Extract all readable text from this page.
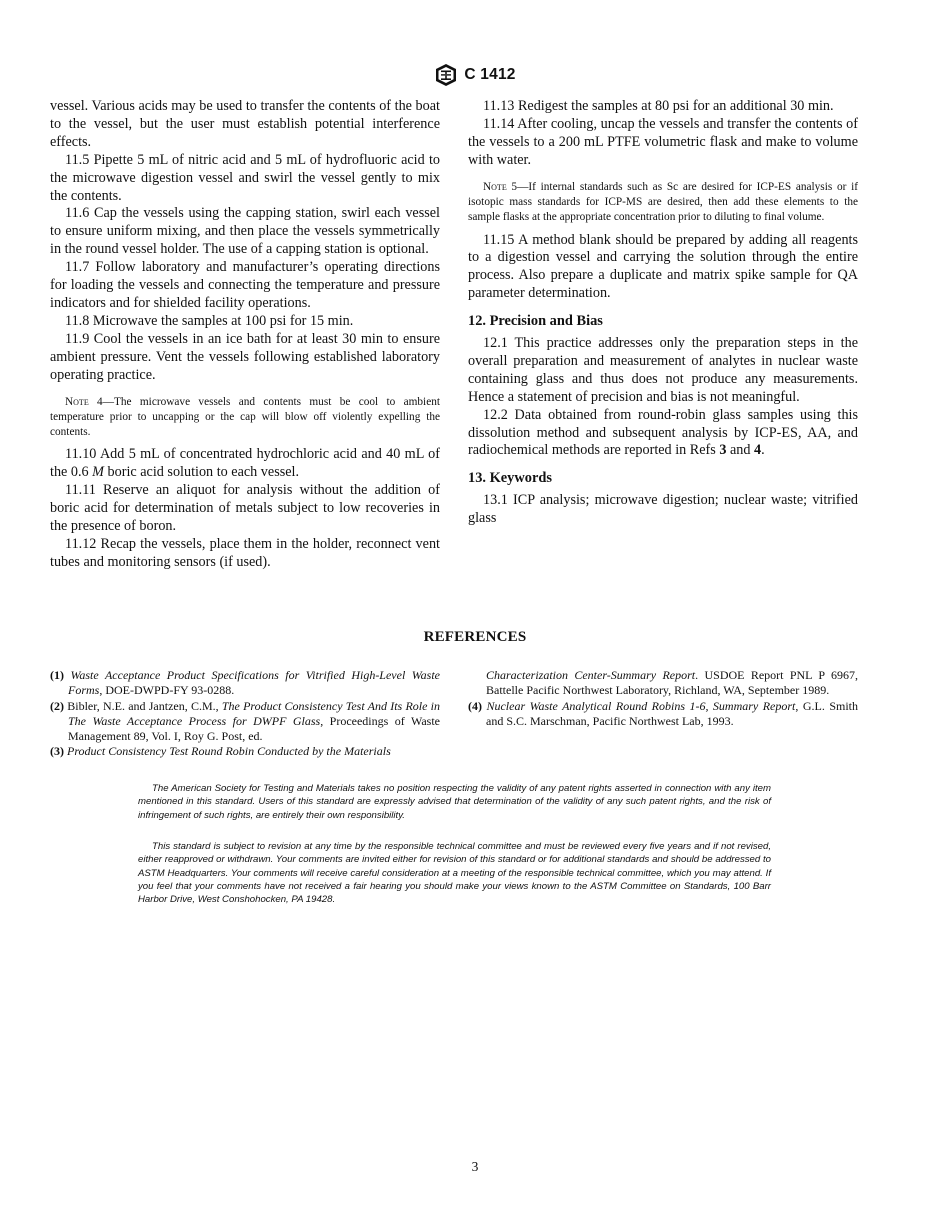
C 1412

vessel. Various acids may be used to transfer the contents of the boat to the vessel, but the user must establish potential interference effects.

11.5 Pipette 5 mL of nitric acid and 5 mL of hydrofluoric acid to the microwave digestion vessel and swirl the vessel gently to mix the contents.

11.6 Cap the vessels using the capping station, swirl each vessel to ensure uniform mixing, and then place the vessels symmetrically in the round vessel holder. The use of a capping station is optional.

11.7 Follow laboratory and manufacturer’s operating directions for loading the vessels and connecting the temperature and pressure indicators and for shielded facility operations.

11.8 Microwave the samples at 100 psi for 15 min.

11.9 Cool the vessels in an ice bath for at least 30 min to ensure ambient pressure. Vent the vessels following established laboratory operating practice.

Note 4—The microwave vessels and contents must be cool to ambient temperature prior to uncapping or the cap will blow off violently expelling the contents.

11.10 Add 5 mL of concentrated hydrochloric acid and 40 mL of the 0.6 M boric acid solution to each vessel.

11.11 Reserve an aliquot for analysis without the addition of boric acid for determination of metals subject to low recoveries in the presence of boron.

11.12 Recap the vessels, place them in the holder, reconnect vent tubes and monitoring sensors (if used).

11.13 Redigest the samples at 80 psi for an additional 30 min.

11.14 After cooling, uncap the vessels and transfer the contents of the vessels to a 200 mL PTFE volumetric flask and make to volume with water.

Note 5—If internal standards such as Sc are desired for ICP-ES analysis or if isotopic mass standards for ICP-MS are desired, then add these elements to the sample flasks at the appropriate concentration prior to diluting to final volume.

11.15 A method blank should be prepared by adding all reagents to a digestion vessel and carrying the solution through the entire process. Also prepare a duplicate and matrix spike sample for QA parameter determination.

12. Precision and Bias

12.1 This practice addresses only the preparation steps in the overall preparation and measurement of analytes in nuclear waste containing glass and thus does not produce any measurements. Hence a statement of precision and bias is not meaningful.

12.2 Data obtained from round-robin glass samples using this dissolution method and subsequent analysis by ICP-ES, AA, and radiochemical methods are reported in Refs 3 and 4.

13. Keywords

13.1 ICP analysis; microwave digestion; nuclear waste; vitrified glass

REFERENCES

(1) Waste Acceptance Product Specifications for Vitrified High-Level Waste Forms, DOE-DWPD-FY 93-0288.

(2) Bibler, N.E. and Jantzen, C.M., The Product Consistency Test And Its Role in The Waste Acceptance Process for DWPF Glass, Proceedings of Waste Management 89, Vol. I, Roy G. Post, ed.

(3) Product Consistency Test Round Robin Conducted by the Materials

Characterization Center-Summary Report. USDOE Report PNL P 6967, Battelle Pacific Northwest Laboratory, Richland, WA, September 1989.

(4) Nuclear Waste Analytical Round Robins 1-6, Summary Report, G.L. Smith and S.C. Marschman, Pacific Northwest Lab, 1993.

The American Society for Testing and Materials takes no position respecting the validity of any patent rights asserted in connection with any item mentioned in this standard. Users of this standard are expressly advised that determination of the validity of any such patent rights, and the risk of infringement of such rights, are entirely their own responsibility.

This standard is subject to revision at any time by the responsible technical committee and must be reviewed every five years and if not revised, either reapproved or withdrawn. Your comments are invited either for revision of this standard or for additional standards and should be addressed to ASTM Headquarters. Your comments will receive careful consideration at a meeting of the responsible technical committee, which you may attend. If you feel that your comments have not received a fair hearing you should make your views known to the ASTM Committee on Standards, 100 Barr Harbor Drive, West Conshohocken, PA 19428.

3
